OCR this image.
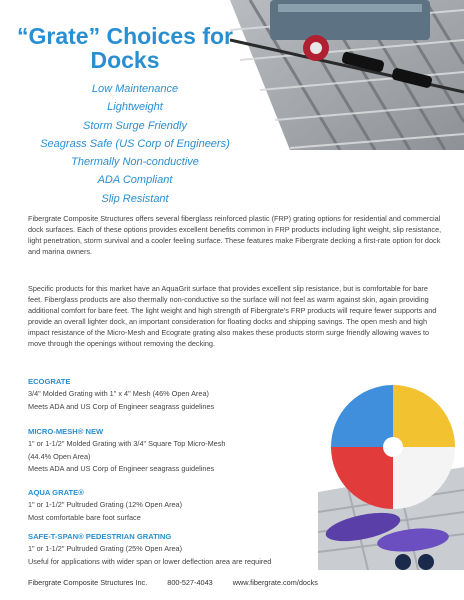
“Grate” Choices for Docks
Low Maintenance
Lightweight
Storm Surge Friendly
Seagrass Safe (US Corp of Engineers)
Thermally Non-conductive
ADA Compliant
Slip Resistant

Fibergrate Composite Structures offers several fiberglass reinforced plastic (FRP) grating options for residential and commercial dock surfaces. Each of these options provides excellent benefits common in FRP products including light weight, slip resistance, light penetration, storm survival and a cooler feeling surface. These features make Fibergrate decking a first-rate option for dock and marina owners.

Specific products for this market have an AquaGrit surface that provides excellent slip resistance, but is comfortable for bare feet. Fiberglass products are also thermally non-conductive so the surface will not feel as warm against skin, again providing additional comfort for bare feet. The light weight and high strength of Fibergrate's FRP products will require fewer supports and provide an overall lighter dock, an important consideration for floating docks and shipping savings. The open mesh and high impact resistance of the Micro-Mesh and Ecograte grating also makes these products storm surge friendly allowing waves to move through the openings without removing the decking.

ECOGRATE

3/4" Molded Grating with 1" x 4" Mesh (46% Open Area)

Meets ADA and US Corp of Engineer seagrass guidelines

MICRO-MESH® NEW

1" or 1-1/2" Molded Grating with 3/4" Square Top Micro-Mesh

(44.4% Open Area)

Meets ADA and US Corp of Engineer seagrass guidelines

AQUA GRATE®

1" or 1-1/2" Pultruded Grating (12% Open Area)

Most comfortable bare foot surface

SAFE-T-SPAN® PEDESTRIAN GRATING

1" or 1-1/2" Pultruded Grating (25% Open Area)

Useful for applications with wider span or lower deflection area are required

Fibergrate Composite Structures Inc.	800-527-4043	www.fibergrate.com/docks
